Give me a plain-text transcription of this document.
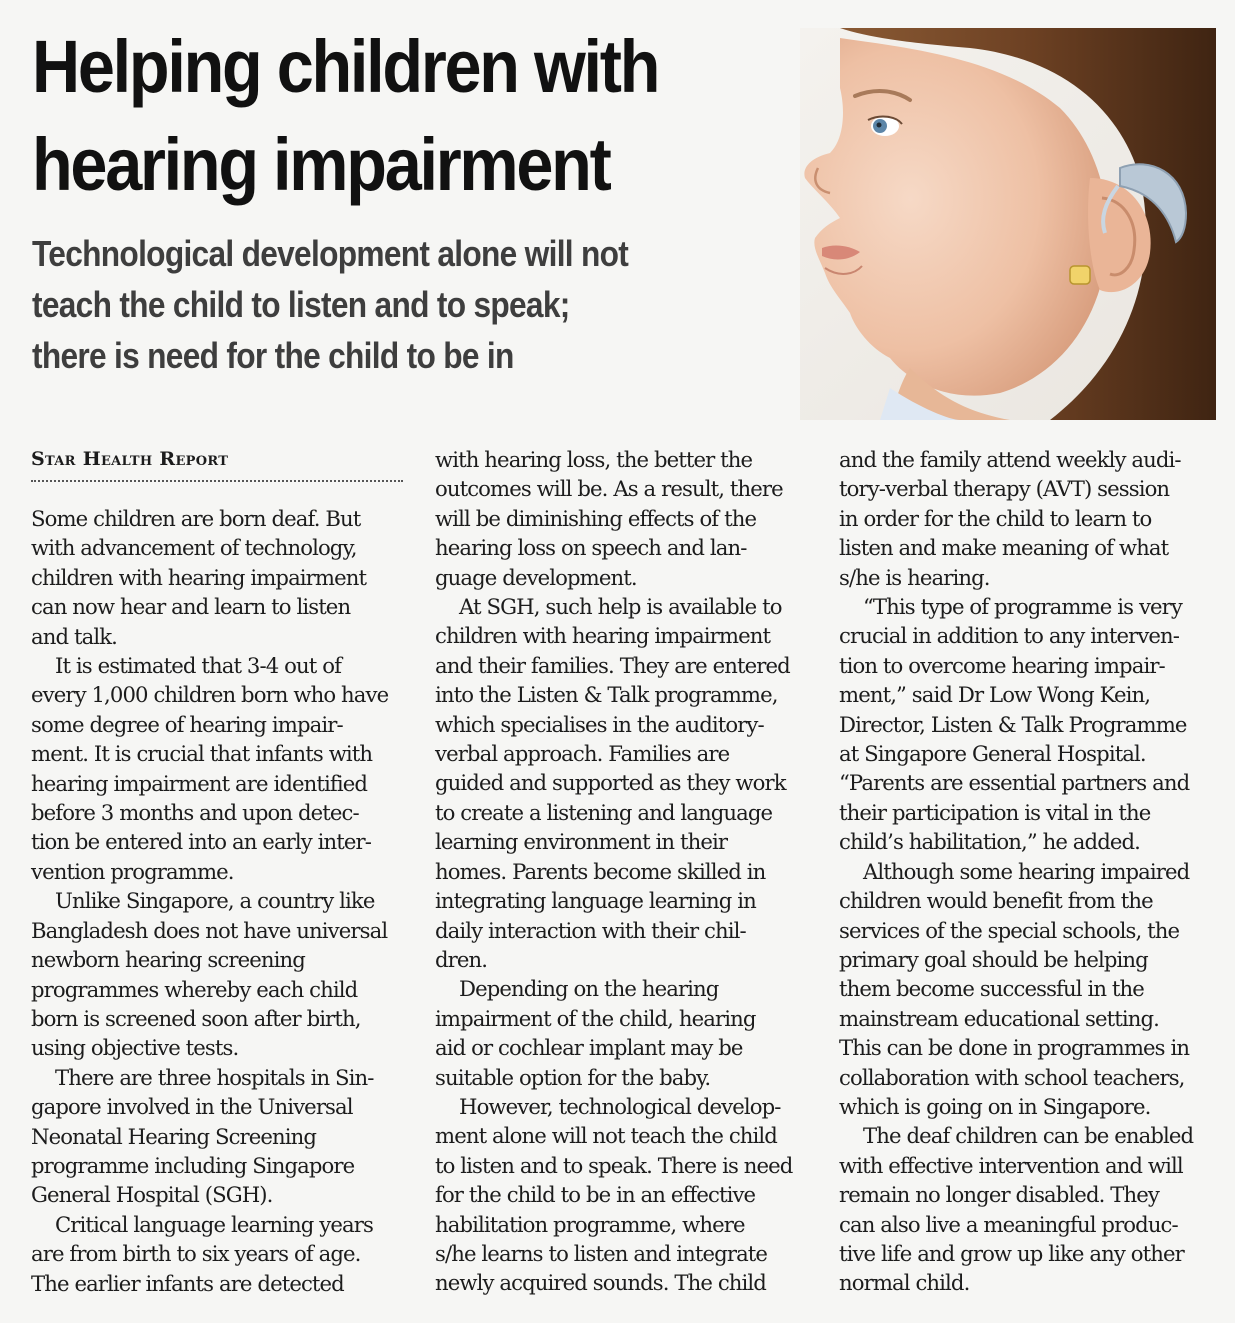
Helping children with
hearing impairment
Technological development alone will not
teach the child to listen and to speak;
there is need for the child to be in
Star Health Report
Some children are born deaf. But
with advancement of technology,
children with hearing impairment
can now hear and learn to listen
and talk.
It is estimated that 3-4 out of
every 1,000 children born who have
some degree of hearing impair-
ment. It is crucial that infants with
hearing impairment are identified
before 3 months and upon detec-
tion be entered into an early inter-
vention programme.
Unlike Singapore, a country like
Bangladesh does not have universal
newborn hearing screening
programmes whereby each child
born is screened soon after birth,
using objective tests.
There are three hospitals in Sin-
gapore involved in the Universal
Neonatal Hearing Screening
programme including Singapore
General Hospital (SGH).
Critical language learning years
are from birth to six years of age.
The earlier infants are detected
with hearing loss, the better the
outcomes will be. As a result, there
will be diminishing effects of the
hearing loss on speech and lan-
guage development.
At SGH, such help is available to
children with hearing impairment
and their families. They are entered
into the Listen & Talk programme,
which specialises in the auditory-
verbal approach. Families are
guided and supported as they work
to create a listening and language
learning environment in their
homes. Parents become skilled in
integrating language learning in
daily interaction with their chil-
dren.
Depending on the hearing
impairment of the child, hearing
aid or cochlear implant may be
suitable option for the baby.
However, technological develop-
ment alone will not teach the child
to listen and to speak. There is need
for the child to be in an effective
habilitation programme, where
s/he learns to listen and integrate
newly acquired sounds. The child
and the family attend weekly audi-
tory-verbal therapy (AVT) session
in order for the child to learn to
listen and make meaning of what
s/he is hearing.
“This type of programme is very
crucial in addition to any interven-
tion to overcome hearing impair-
ment,” said Dr Low Wong Kein,
Director, Listen & Talk Programme
at Singapore General Hospital.
“Parents are essential partners and
their participation is vital in the
child’s habilitation,” he added.
Although some hearing impaired
children would benefit from the
services of the special schools, the
primary goal should be helping
them become successful in the
mainstream educational setting.
This can be done in programmes in
collaboration with school teachers,
which is going on in Singapore.
The deaf children can be enabled
with effective intervention and will
remain no longer disabled. They
can also live a meaningful produc-
tive life and grow up like any other
normal child.
